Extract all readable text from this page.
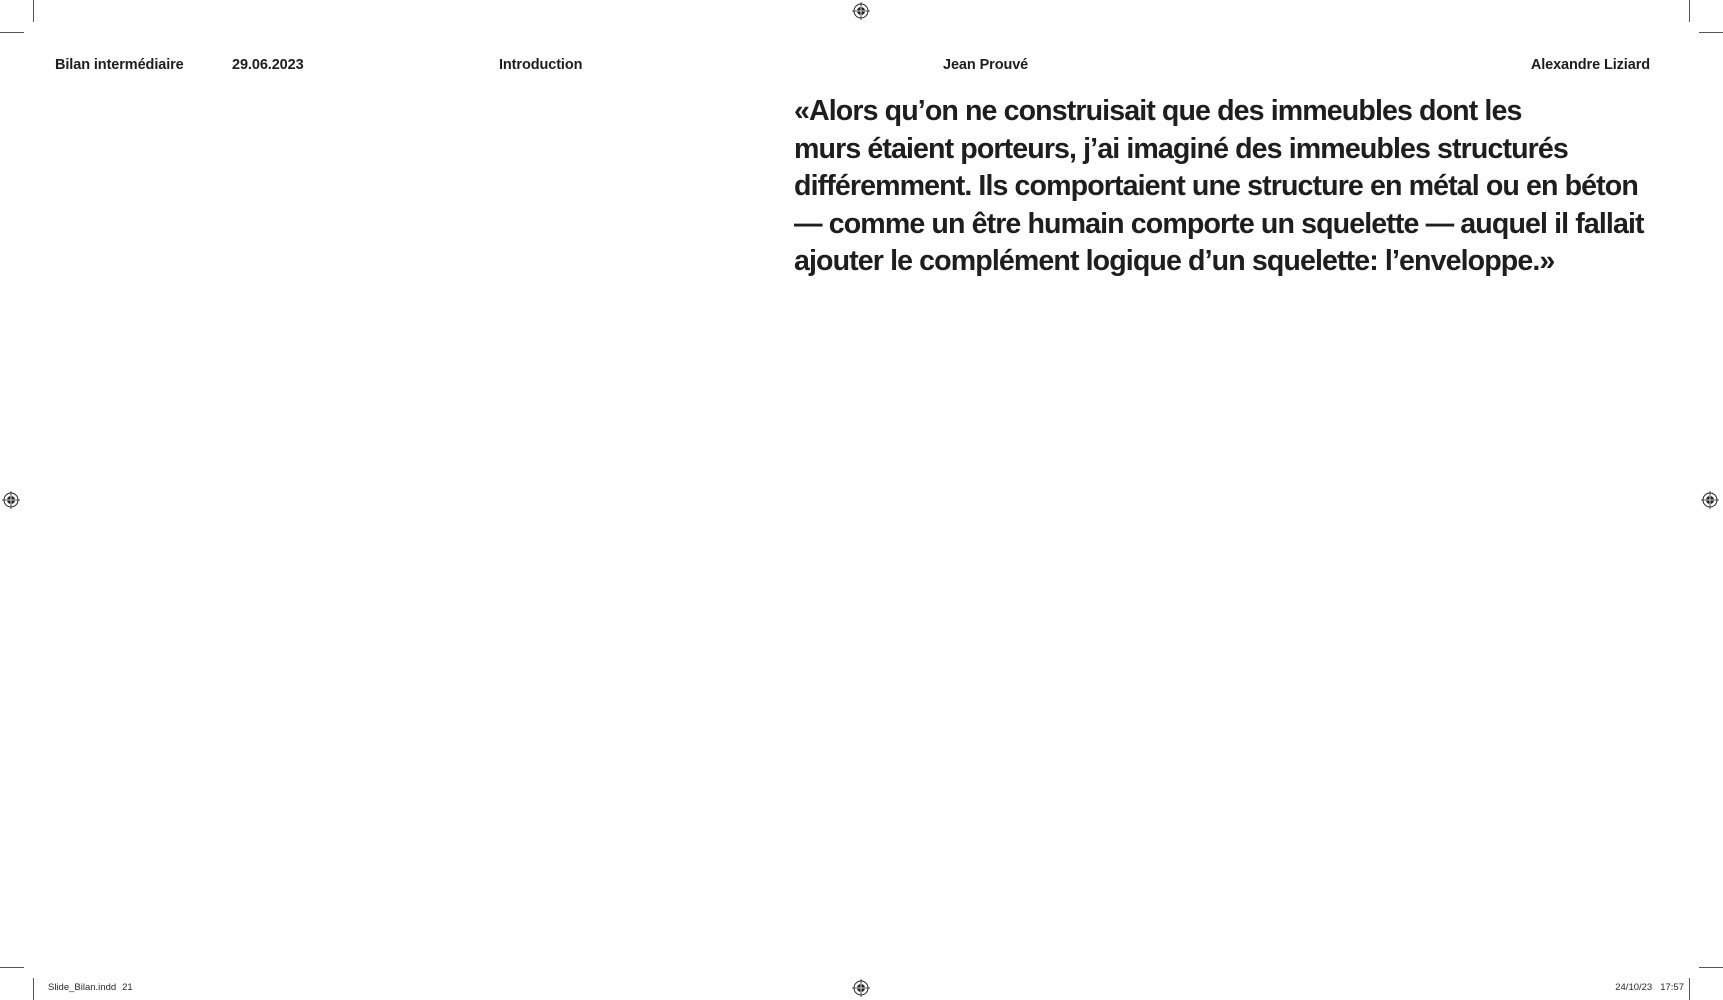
Bilan intermédiaire	29.06.2023	Introduction	Jean Prouvé	Alexandre Liziard
«Alors qu’on ne construisait que des immeubles dont les
murs étaient porteurs, j’ai imaginé des immeubles structurés
différemment. Ils comportaient une structure en métal ou en béton
— comme un être humain comporte un squelette — auquel il fallait
ajouter le complément logique d’un squelette: l’enveloppe.»
Slide_Bilan.indd 21	24/10/23 17:57
